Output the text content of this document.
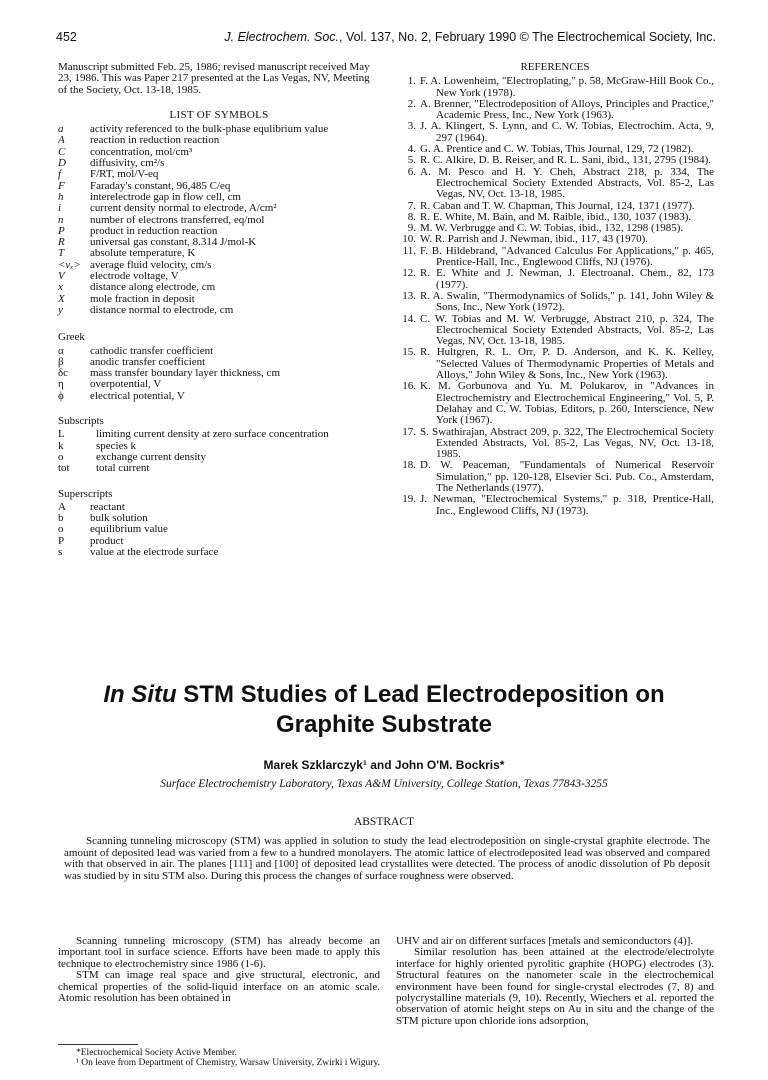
452	J. Electrochem. Soc., Vol. 137, No. 2, February 1990 © The Electrochemical Society, Inc.
Manuscript submitted Feb. 25, 1986; revised manuscript received May 23, 1986. This was Paper 217 presented at the Las Vegas, NV, Meeting of the Society, Oct. 13-18, 1985.
LIST OF SYMBOLS
a	activity referenced to the bulk-phase equlibrium value
A	reaction in reduction reaction
C	concentration, mol/cm³
D	diffusivity, cm²/s
f	F/RT, mol/V-eq
F	Faraday's constant, 96,485 C/eq
h	interelectrode gap in flow cell, cm
i	current density normal to electrode, A/cm²
n	number of electrons transferred, eq/mol
P	product in reduction reaction
R	universal gas constant, 8.314 J/mol-K
T	absolute temperature, K
<vₓ> average fluid velocity, cm/s
V	electrode voltage, V
x	distance along electrode, cm
X	mole fraction in deposit
y	distance normal to electrode, cm
Greek
α	cathodic transfer coefficient
β	anodic transfer coefficient
δc	mass transfer boundary layer thickness, cm
η	overpotential, V
ϕ	electrical potential, V
Subscripts
L	limiting current density at zero surface concentration
k	species k
o	exchange current density
tot	total current
Superscripts
A	reactant
b	bulk solution
o	equilibrium value
P	product
s	value at the electrode surface
REFERENCES
1. F. A. Lowenheim, "Electroplating," p. 58, McGraw-Hill Book Co., New York (1978).
2. A. Brenner, "Electrodeposition of Alloys, Principles and Practice," Academic Press, Inc., New York (1963).
3. J. A. Klingert, S. Lynn, and C. W. Tobias, Electrochim. Acta, 9, 297 (1964).
4. G. A. Prentice and C. W. Tobias, This Journal, 129, 72 (1982).
5. R. C. Alkire, D. B. Reiser, and R. L. Sani, ibid., 131, 2795 (1984).
6. A. M. Pesco and H. Y. Cheh, Abstract 218, p. 334, The Electrochemical Society Extended Abstracts, Vol. 85-2, Las Vegas, NV, Oct. 13-18, 1985.
7. R. Caban and T. W. Chapman, This Journal, 124, 1371 (1977).
8. R. E. White, M. Bain, and M. Raible, ibid., 130, 1037 (1983).
9. M. W. Verbrugge and C. W. Tobias, ibid., 132, 1298 (1985).
10. W. R. Parrish and J. Newman, ibid., 117, 43 (1970).
11. F. B. Hildebrand, "Advanced Calculus For Applications," p. 465, Prentice-Hall, Inc., Englewood Cliffs, NJ (1976).
12. R. E. White and J. Newman, J. Electroanal. Chem., 82, 173 (1977).
13. R. A. Swalin, "Thermodynamics of Solids," p. 141, John Wiley & Sons, Inc., New York (1972).
14. C. W. Tobias and M. W. Verbrugge, Abstract 210, p. 324, The Electrochemical Society Extended Abstracts, Vol. 85-2, Las Vegas, NV, Oct. 13-18, 1985.
15. R. Hultgren, R. L. Orr, P. D. Anderson, and K. K. Kelley, "Selected Values of Thermodynamic Properties of Metals and Alloys," John Wiley & Sons, Inc., New York (1963).
16. K. M. Gorbunova and Yu. M. Polukarov, in "Advances in Electrochemistry and Electrochemical Engineering," Vol. 5, P. Delahay and C. W. Tobias, Editors, p. 260, Interscience, New York (1967).
17. S. Swathirajan, Abstract 209, p. 322, The Electrochemical Society Extended Abstracts, Vol. 85-2, Las Vegas, NV, Oct. 13-18, 1985.
18. D. W. Peaceman, "Fundamentals of Numerical Reservoir Simulation," pp. 120-128, Elsevier Sci. Pub. Co., Amsterdam, The Netherlands (1977).
19. J. Newman, "Electrochemical Systems," p. 318, Prentice-Hall, Inc., Englewood Cliffs, NJ (1973).
In Situ STM Studies of Lead Electrodeposition on Graphite Substrate
Marek Szklarczyk¹ and John O'M. Bockris*
Surface Electrochemistry Laboratory, Texas A&M University, College Station, Texas 77843-3255
ABSTRACT

Scanning tunneling microscopy (STM) was applied in solution to study the lead electrodeposition on single-crystal graphite electrode. The amount of deposited lead was varied from a few to a hundred monolayers. The atomic lattice of electrodeposited lead was observed and compared with that observed in air. The planes [111] and [100] of deposited lead crystallites were detected. The process of anodic dissolution of Pb deposit was studied by in situ STM also. During this process the changes of surface roughness were observed.

Scanning tunneling microscopy (STM) has already become an important tool in surface science. Efforts have been made to apply this technique to electrochemistry since 1986 (1-6).

STM can image real space and give structural, electronic, and chemical properties of the solid-liquid interface on an atomic scale. Atomic resolution has been obtained in

UHV and air on different surfaces [metals and semiconductors (4)].

Similar resolution has been attained at the electrode/electrolyte interface for highly oriented pyrolitic graphite (HOPG) electrodes (3). Structural features on the nanometer scale in the electrochemical environment have been found for single-crystal electrodes (7, 8) and polycrystalline materials (9, 10). Recently, Wiechers et al. reported the observation of atomic height steps on Au in situ and the change of the STM picture upon chloride ions adsorption,

*Electrochemical Society Active Member.

¹ On leave from Department of Chemistry, Warsaw University, Zwirki i Wigury.
